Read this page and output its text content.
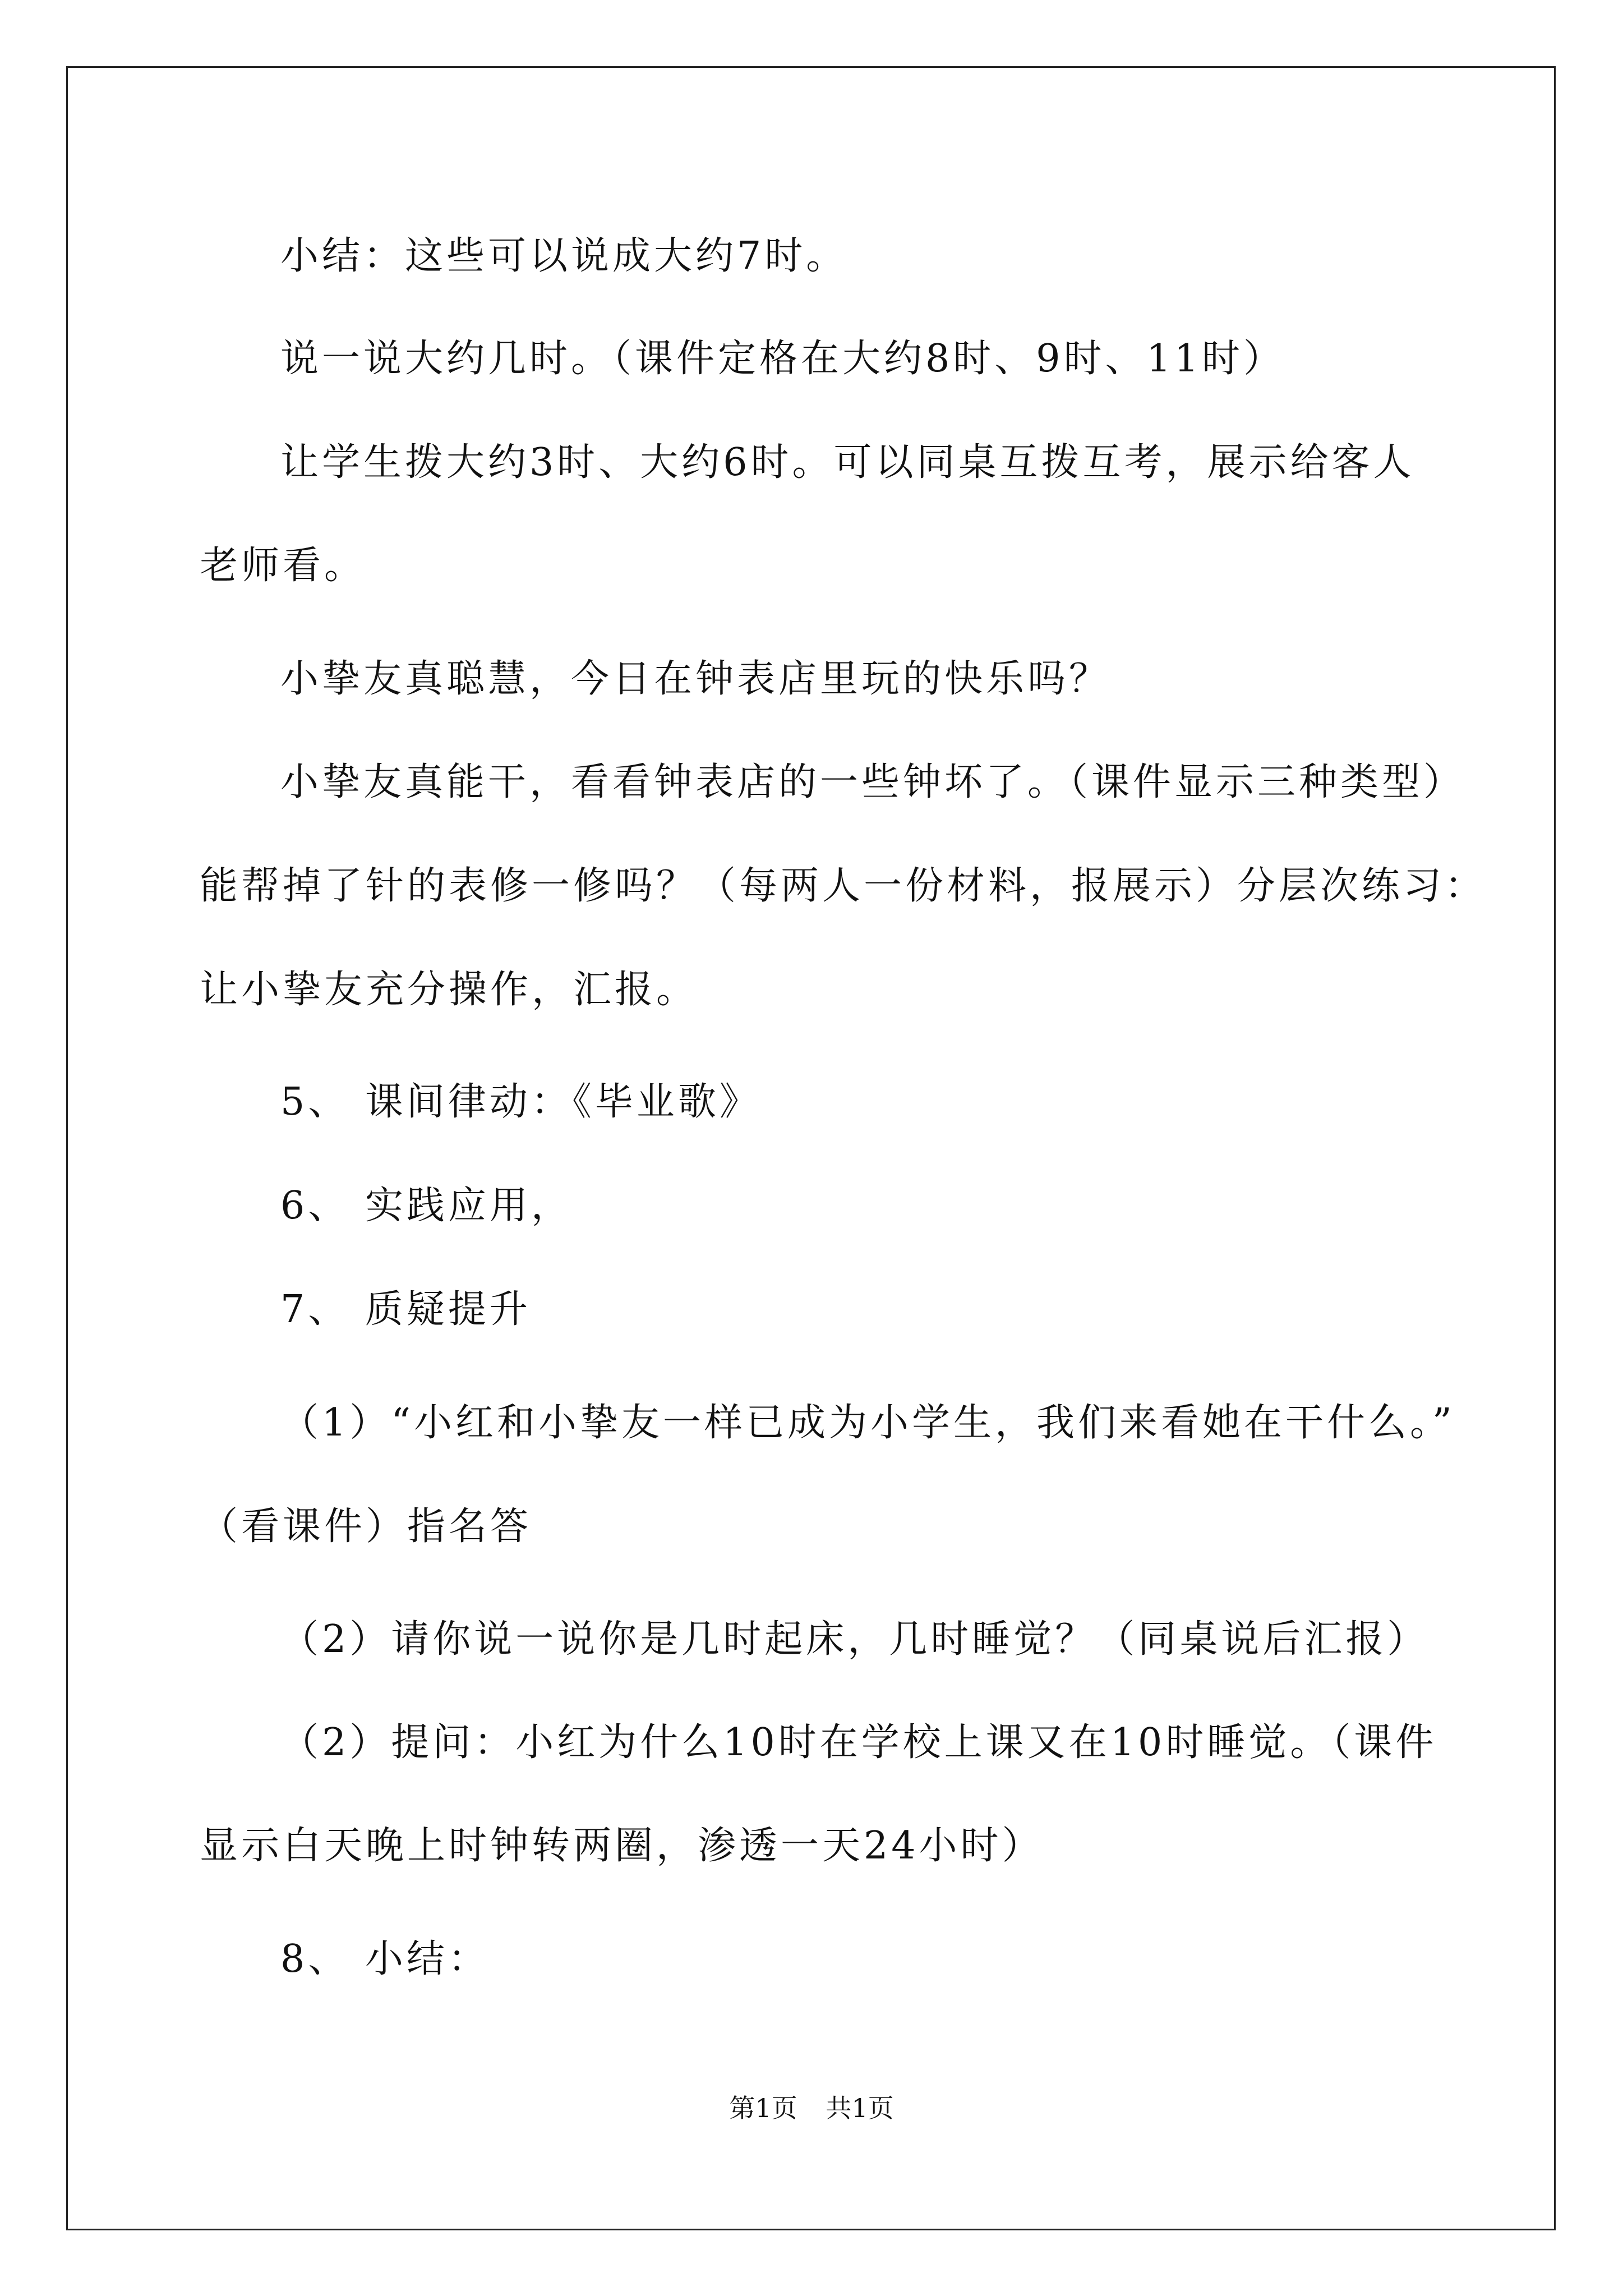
小结：这些可以说成大约7时。
说一说大约几时。（课件定格在大约8时、9时、11时）
让学生拨大约3时、大约6时。可以同桌互拨互考，展示给客人
老师看。
小挚友真聪慧，今日在钟表店里玩的快乐吗？
小挚友真能干，看看钟表店的一些钟坏了。（课件显示三种类型）
能帮掉了针的表修一修吗？（每两人一份材料，报展示）分层次练习：
让小挚友充分操作，汇报。
5、 课间律动：《毕业歌》
6、 实践应用，
7、 质疑提升
（1）“小红和小挚友一样已成为小学生，我们来看她在干什么。”
（看课件）指名答
（2）请你说一说你是几时起床，几时睡觉？（同桌说后汇报）
（2）提问：小红为什么10时在学校上课又在10时睡觉。（课件
显示白天晚上时钟转两圈，渗透一天24小时）
8、 小结：
第1页 共1页
